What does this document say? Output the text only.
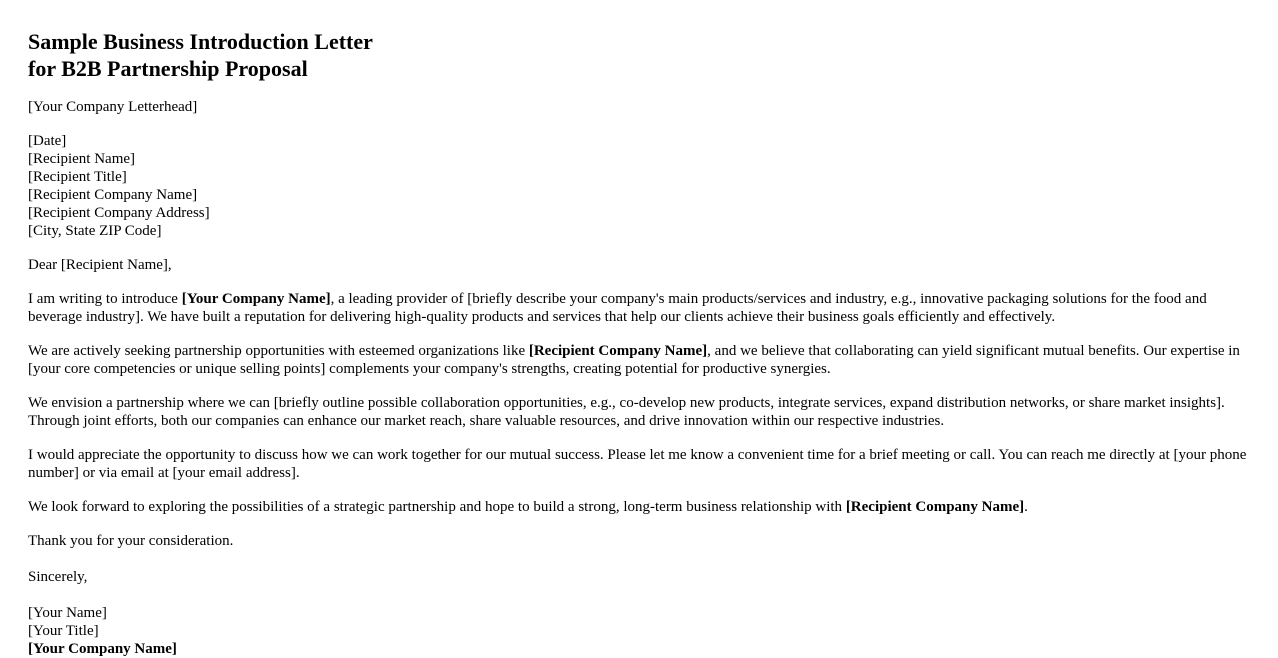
Sample Business Introduction Letter
for B2B Partnership Proposal

[Your Company Letterhead]

[Date]
[Recipient Name]
[Recipient Title]
[Recipient Company Name]
[Recipient Company Address]
[City, State ZIP Code]

Dear [Recipient Name],

I am writing to introduce [Your Company Name], a leading provider of [briefly describe your company's main products/services and industry, e.g., innovative packaging solutions for the food and beverage industry]. We have built a reputation for delivering high-quality products and services that help our clients achieve their business goals efficiently and effectively.

We are actively seeking partnership opportunities with esteemed organizations like [Recipient Company Name], and we believe that collaborating can yield significant mutual benefits. Our expertise in [your core competencies or unique selling points] complements your company's strengths, creating potential for productive synergies.

We envision a partnership where we can [briefly outline possible collaboration opportunities, e.g., co-develop new products, integrate services, expand distribution networks, or share market insights]. Through joint efforts, both our companies can enhance our market reach, share valuable resources, and drive innovation within our respective industries.

I would appreciate the opportunity to discuss how we can work together for our mutual success. Please let me know a convenient time for a brief meeting or call. You can reach me directly at [your phone number] or via email at [your email address].

We look forward to exploring the possibilities of a strategic partnership and hope to build a strong, long-term business relationship with [Recipient Company Name].

Thank you for your consideration.

Sincerely,

[Your Name]
[Your Title]
[Your Company Name]
